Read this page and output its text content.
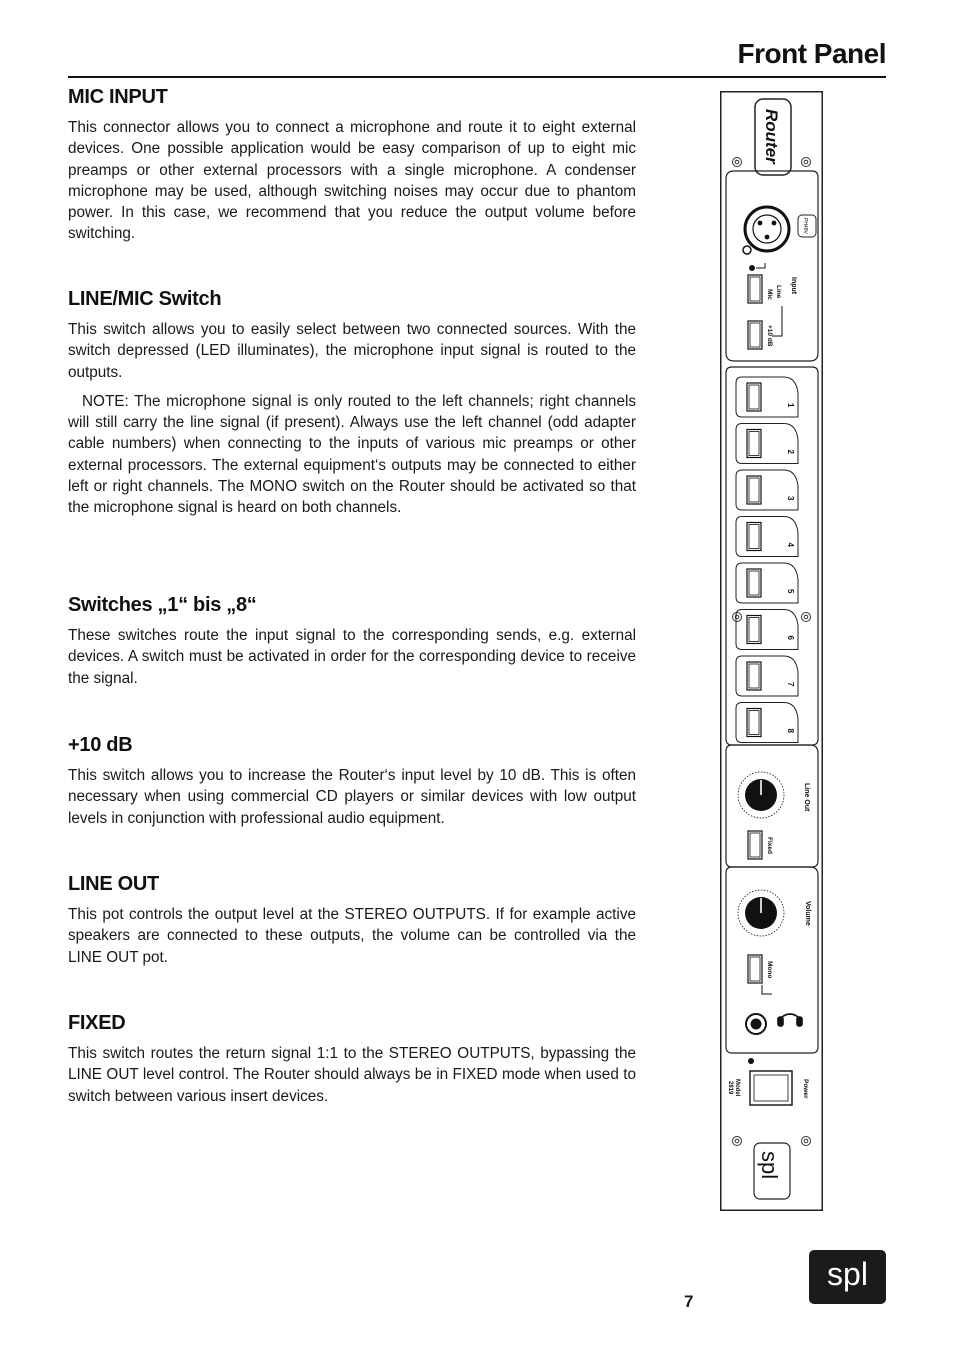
Front Panel
MIC INPUT

This connector allows you to connect a microphone and route it to eight external devices. One possible application would be easy comparison of up to eight mic preamps or other external processors with a single microphone. A condenser microphone may be used, although switching noises may occur due to phantom power. In this case, we recommend that you reduce the output volume before switching.

LINE/MIC Switch

This switch allows you to easily select between two connected sources. With the switch depressed (LED illuminates), the microphone input signal is routed to the outputs.

NOTE: The microphone signal is only routed to the left channels; right channels will still carry the line signal (if present). Always use the left channel (odd adapter cable numbers) when connecting to the inputs of various mic preamps or other external processors. The external equipment‘s outputs may be connected to either left or right channels. The MONO switch on the Router should be activated so that the microphone signal is heard on both channels.

Switches „1“ bis „8“

These switches route the input signal to the corresponding sends, e.g. external devices. A switch must be activated in order for the corresponding device to receive the signal.

+10 dB

This switch allows you to increase the Router‘s input level by 10 dB. This is often necessary when using commercial CD players or similar devices with low output levels in conjunction with professional audio equipment.

LINE OUT

This pot controls the output level at the STEREO OUTPUTS. If for example active speakers are connected to these outputs, the volume can be controlled via the LINE OUT pot.

FIXED

This switch routes the return signal 1:1 to the STEREO OUTPUTS, bypassing the LINE OUT level control. The Router should always be in FIXED mode when used to switch between various insert devices.

Router
PH48V
Input
Line
Mic
+10 dB
1
2
3
4
5
6
7
8
Line Out
Fixed
Volume
Mono
Power
Model
2819
spl
7
spl
